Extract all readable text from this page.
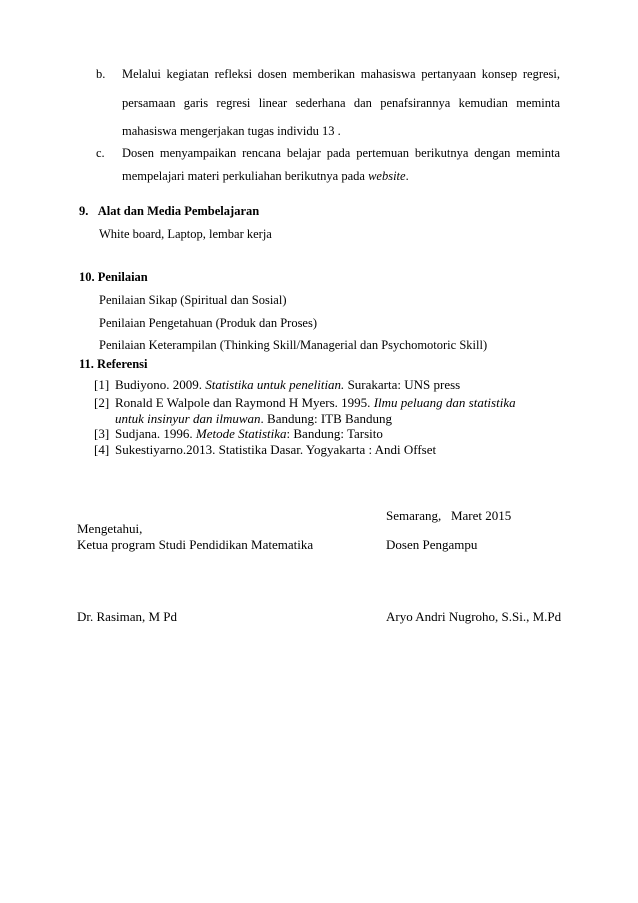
b. Melalui kegiatan refleksi dosen memberikan mahasiswa pertanyaan konsep regresi,
persamaan garis regresi linear sederhana dan penafsirannya kemudian meminta
mahasiswa mengerjakan tugas individu 13 .
c. Dosen menyampaikan rencana belajar pada pertemuan berikutnya dengan meminta
mempelajari materi perkuliahan berikutnya pada website.
9.   Alat dan Media Pembelajaran
White board, Laptop, lembar kerja
10. Penilaian
Penilaian Sikap (Spiritual dan Sosial)
Penilaian Pengetahuan (Produk dan Proses)
Penilaian Keterampilan (Thinking Skill/Managerial dan Psychomotoric Skill)
11. Referensi
[1] Budiyono. 2009. Statistika untuk penelitian. Surakarta: UNS press
[2] Ronald E Walpole dan Raymond H Myers. 1995. Ilmu peluang dan statistika untuk insinyur dan ilmuwan. Bandung: ITB Bandung
[3] Sudjana. 1996. Metode Statistika: Bandung: Tarsito
[4] Sukestiyarno.2013. Statistika Dasar. Yogyakarta : Andi Offset
Semarang,   Maret 2015
Mengetahui,
Ketua program Studi Pendidikan Matematika	Dosen Pengampu
Dr. Rasiman, M Pd	Aryo Andri Nugroho, S.Si., M.Pd
